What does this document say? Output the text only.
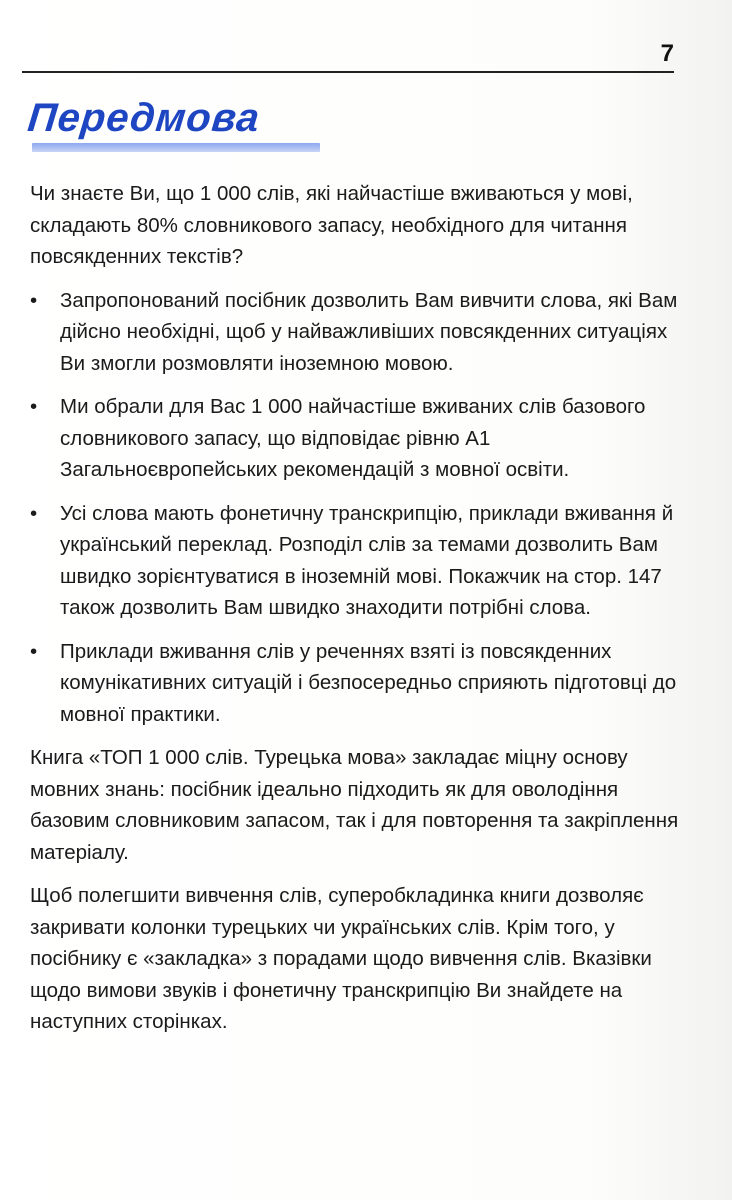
7
Передмова

Чи знаєте Ви, що 1 000 слів, які найчастіше вживаються у мові, складають 80% словникового запасу, необхідного для читання повсякденних текстів?

•	Запропонований посібник дозволить Вам вивчити слова, які Вам дійсно необхідні, щоб у найважливіших повсякденних ситуаціях Ви змогли розмовляти іноземною мовою.
•	Ми обрали для Вас 1 000 найчастіше вживаних слів базового словникового запасу, що відповідає рівню А1 Загальноєвропейських рекомендацій з мовної освіти.
•	Усі слова мають фонетичну транскрипцію, приклади вживання й український переклад. Розподіл слів за темами дозволить Вам швидко зорієнтуватися в іноземній мові. Покажчик на стор. 147 також дозволить Вам швидко знаходити потрібні слова.
•	Приклади вживання слів у реченнях взяті із повсякденних комунікативних ситуацій і безпосередньо сприяють підготовці до мовної практики.

Книга «ТОП 1 000 слів. Турецька мова» закладає міцну основу мовних знань: посібник ідеально підходить як для оволодіння базовим словниковим запасом, так і для повторення та закріплення матеріалу.

Щоб полегшити вивчення слів, суперобкладинка книги дозволяє закривати колонки турецьких чи українських слів. Крім того, у посібнику є «закладка» з порадами щодо вивчення слів. Вказівки щодо вимови звуків і фонетичну транскрипцію Ви знайдете на наступних сторінках.
